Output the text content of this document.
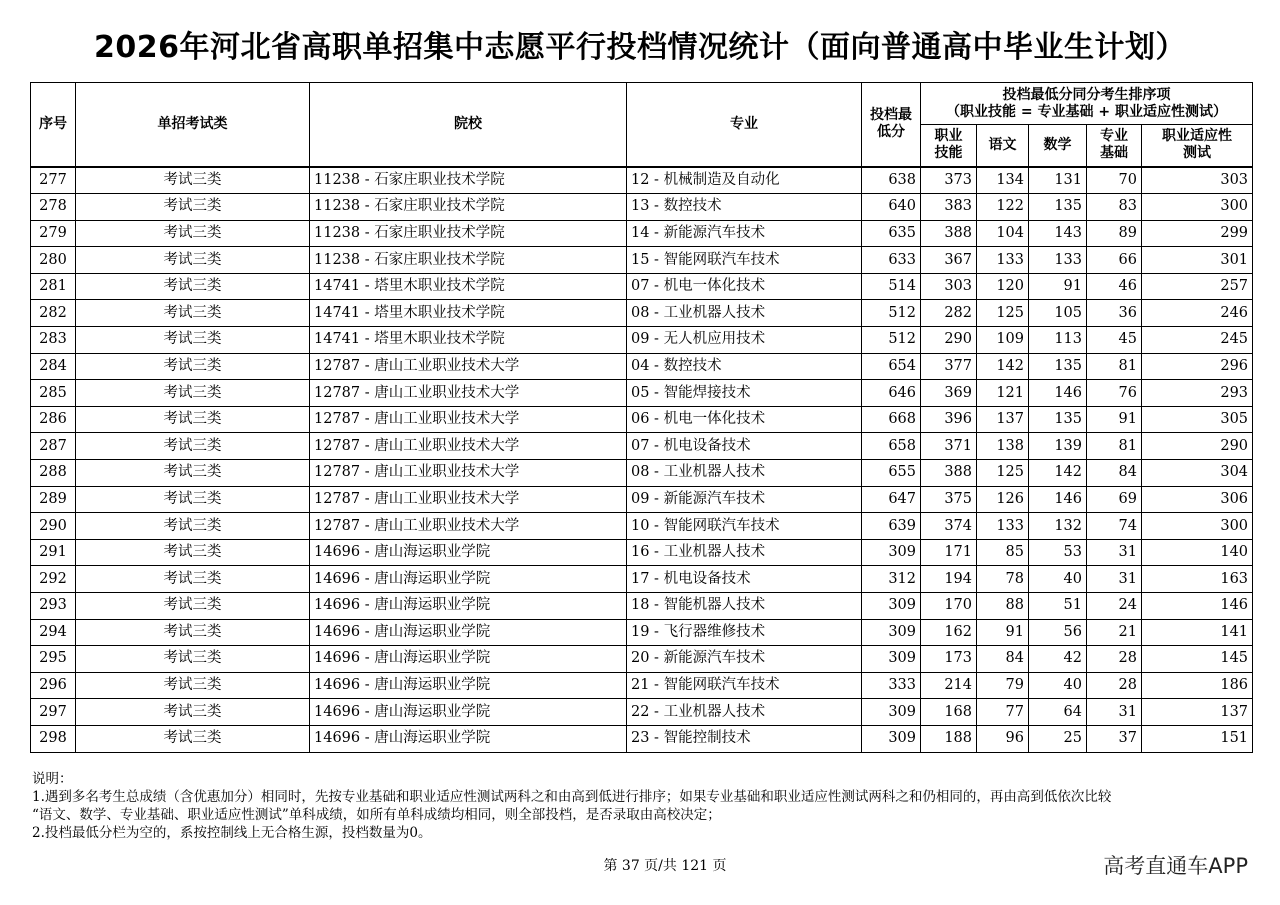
2026年河北省高职单招集中志愿平行投档情况统计（面向普通高中毕业生计划）
序号	单招考试类	院校	专业	投档最低分	投档最低分同分考生排序项
（职业技能 = 专业基础 + 职业适应性测试）				

					职业技能	语文	数学	专业基础	职业适应性测试
277	考试三类	11238 - 石家庄职业技术学院	12 - 机械制造及自动化	638	373	134	131	70	303
278	考试三类	11238 - 石家庄职业技术学院	13 - 数控技术	640	383	122	135	83	300
279	考试三类	11238 - 石家庄职业技术学院	14 - 新能源汽车技术	635	388	104	143	89	299
280	考试三类	11238 - 石家庄职业技术学院	15 - 智能网联汽车技术	633	367	133	133	66	301
281	考试三类	14741 - 塔里木职业技术学院	07 - 机电一体化技术	514	303	120	91	46	257
282	考试三类	14741 - 塔里木职业技术学院	08 - 工业机器人技术	512	282	125	105	36	246
283	考试三类	14741 - 塔里木职业技术学院	09 - 无人机应用技术	512	290	109	113	45	245
284	考试三类	12787 - 唐山工业职业技术大学	04 - 数控技术	654	377	142	135	81	296
285	考试三类	12787 - 唐山工业职业技术大学	05 - 智能焊接技术	646	369	121	146	76	293
286	考试三类	12787 - 唐山工业职业技术大学	06 - 机电一体化技术	668	396	137	135	91	305
287	考试三类	12787 - 唐山工业职业技术大学	07 - 机电设备技术	658	371	138	139	81	290
288	考试三类	12787 - 唐山工业职业技术大学	08 - 工业机器人技术	655	388	125	142	84	304
289	考试三类	12787 - 唐山工业职业技术大学	09 - 新能源汽车技术	647	375	126	146	69	306
290	考试三类	12787 - 唐山工业职业技术大学	10 - 智能网联汽车技术	639	374	133	132	74	300
291	考试三类	14696 - 唐山海运职业学院	16 - 工业机器人技术	309	171	85	53	31	140
292	考试三类	14696 - 唐山海运职业学院	17 - 机电设备技术	312	194	78	40	31	163
293	考试三类	14696 - 唐山海运职业学院	18 - 智能机器人技术	309	170	88	51	24	146
294	考试三类	14696 - 唐山海运职业学院	19 - 飞行器维修技术	309	162	91	56	21	141
295	考试三类	14696 - 唐山海运职业学院	20 - 新能源汽车技术	309	173	84	42	28	145
296	考试三类	14696 - 唐山海运职业学院	21 - 智能网联汽车技术	333	214	79	40	28	186
297	考试三类	14696 - 唐山海运职业学院	22 - 工业机器人技术	309	168	77	64	31	137
298	考试三类	14696 - 唐山海运职业学院	23 - 智能控制技术	309	188	96	25	37	151
说明：
1.遇到多名考生总成绩（含优惠加分）相同时，先按专业基础和职业适应性测试两科之和由高到低进行排序；如果专业基础和职业适应性测试两科之和仍相同的，再由高到低依次比较
“语文、数学、专业基础、职业适应性测试”单科成绩，如所有单科成绩均相同，则全部投档，是否录取由高校决定；
2.投档最低分栏为空的，系按控制线上无合格生源，投档数量为0。
第 37 页/共 121 页	高考直通车APP
